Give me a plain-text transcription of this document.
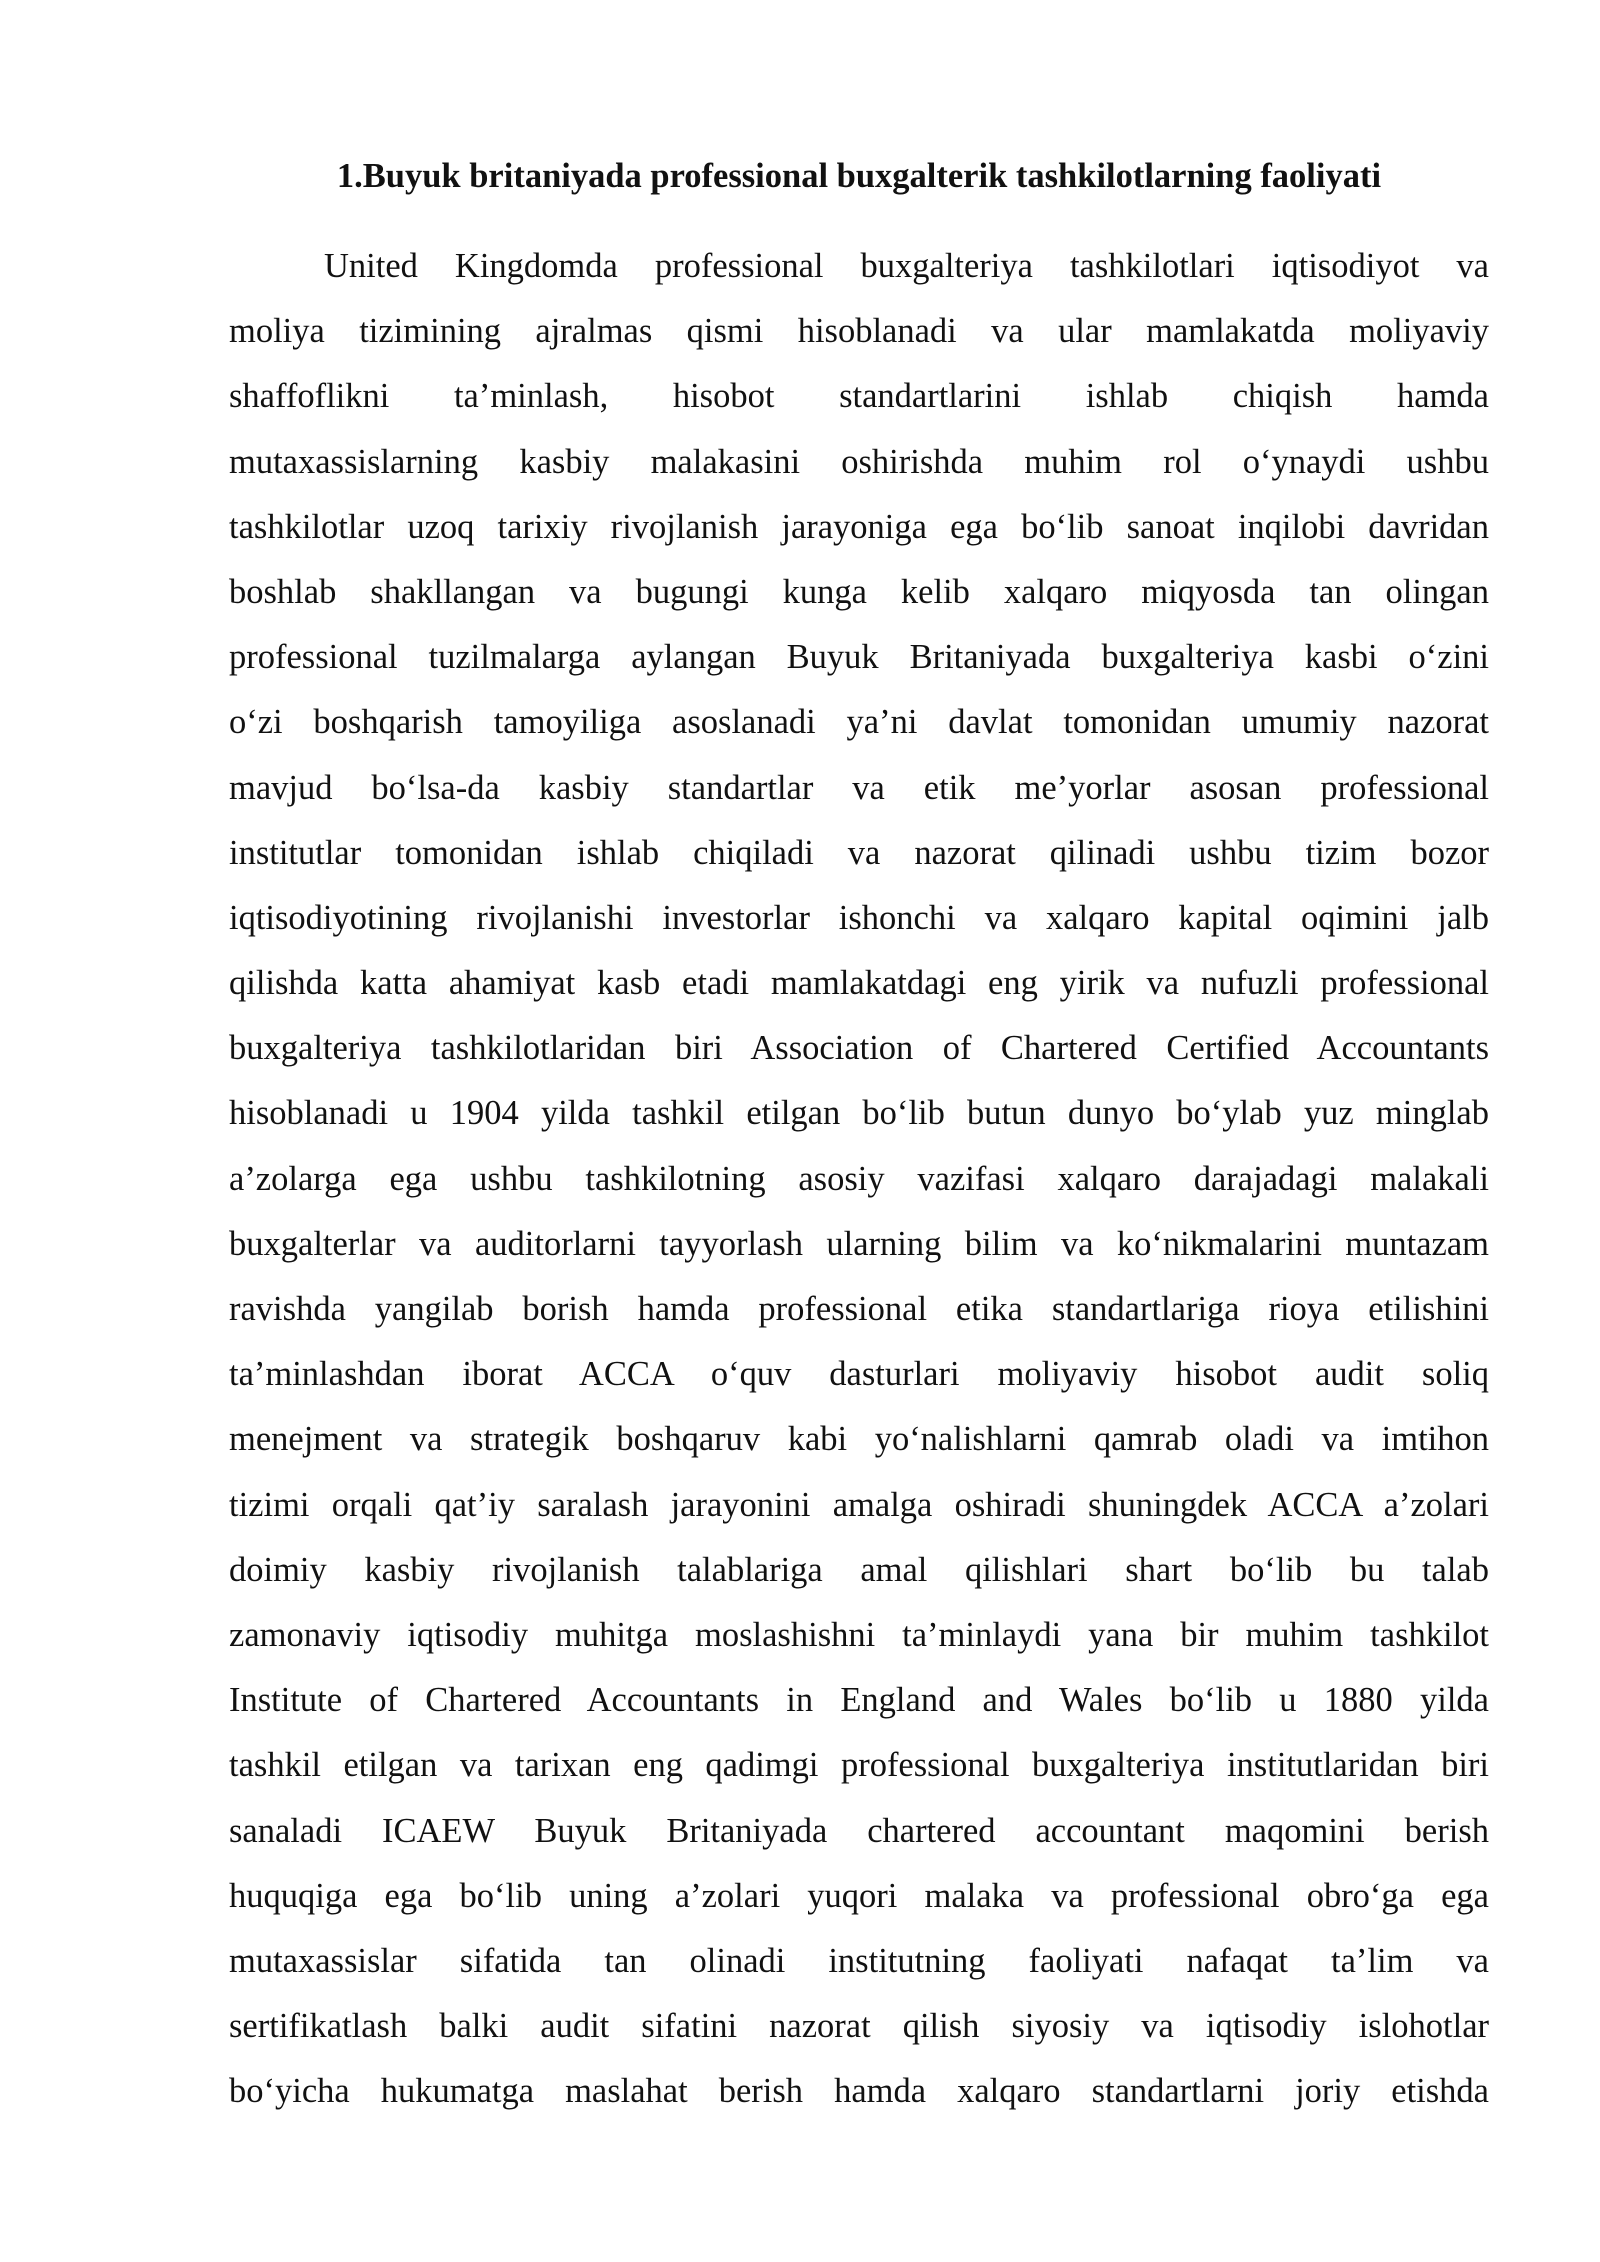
1.Buyuk britaniyada professional buxgalterik tashkilotlarning faoliyati
United Kingdomda professional buxgalteriya tashkilotlari iqtisodiyot va
moliya tizimining ajralmas qismi hisoblanadi va ular mamlakatda moliyaviy
shaffoflikni ta’minlash, hisobot standartlarini ishlab chiqish hamda
mutaxassislarning kasbiy malakasini oshirishda muhim rol o‘ynaydi ushbu
tashkilotlar uzoq tarixiy rivojlanish jarayoniga ega bo‘lib sanoat inqilobi davridan
boshlab shakllangan va bugungi kunga kelib xalqaro miqyosda tan olingan
professional tuzilmalarga aylangan Buyuk Britaniyada buxgalteriya kasbi o‘zini
o‘zi boshqarish tamoyiliga asoslanadi ya’ni davlat tomonidan umumiy nazorat
mavjud bo‘lsa-da kasbiy standartlar va etik me’yorlar asosan professional
institutlar tomonidan ishlab chiqiladi va nazorat qilinadi ushbu tizim bozor
iqtisodiyotining rivojlanishi investorlar ishonchi va xalqaro kapital oqimini jalb
qilishda katta ahamiyat kasb etadi mamlakatdagi eng yirik va nufuzli professional
buxgalteriya tashkilotlaridan biri Association of Chartered Certified Accountants
hisoblanadi u 1904 yilda tashkil etilgan bo‘lib butun dunyo bo‘ylab yuz minglab
a’zolarga ega ushbu tashkilotning asosiy vazifasi xalqaro darajadagi malakali
buxgalterlar va auditorlarni tayyorlash ularning bilim va ko‘nikmalarini muntazam
ravishda yangilab borish hamda professional etika standartlariga rioya etilishini
ta’minlashdan iborat ACCA o‘quv dasturlari moliyaviy hisobot audit soliq
menejment va strategik boshqaruv kabi yo‘nalishlarni qamrab oladi va imtihon
tizimi orqali qat’iy saralash jarayonini amalga oshiradi shuningdek ACCA a’zolari
doimiy kasbiy rivojlanish talablariga amal qilishlari shart bo‘lib bu talab
zamonaviy iqtisodiy muhitga moslashishni ta’minlaydi yana bir muhim tashkilot
Institute of Chartered Accountants in England and Wales bo‘lib u 1880 yilda
tashkil etilgan va tarixan eng qadimgi professional buxgalteriya institutlaridan biri
sanaladi ICAEW Buyuk Britaniyada chartered accountant maqomini berish
huquqiga ega bo‘lib uning a’zolari yuqori malaka va professional obro‘ga ega
mutaxassislar sifatida tan olinadi institutning faoliyati nafaqat ta’lim va
sertifikatlash balki audit sifatini nazorat qilish siyosiy va iqtisodiy islohotlar
bo‘yicha hukumatga maslahat berish hamda xalqaro standartlarni joriy etishda
